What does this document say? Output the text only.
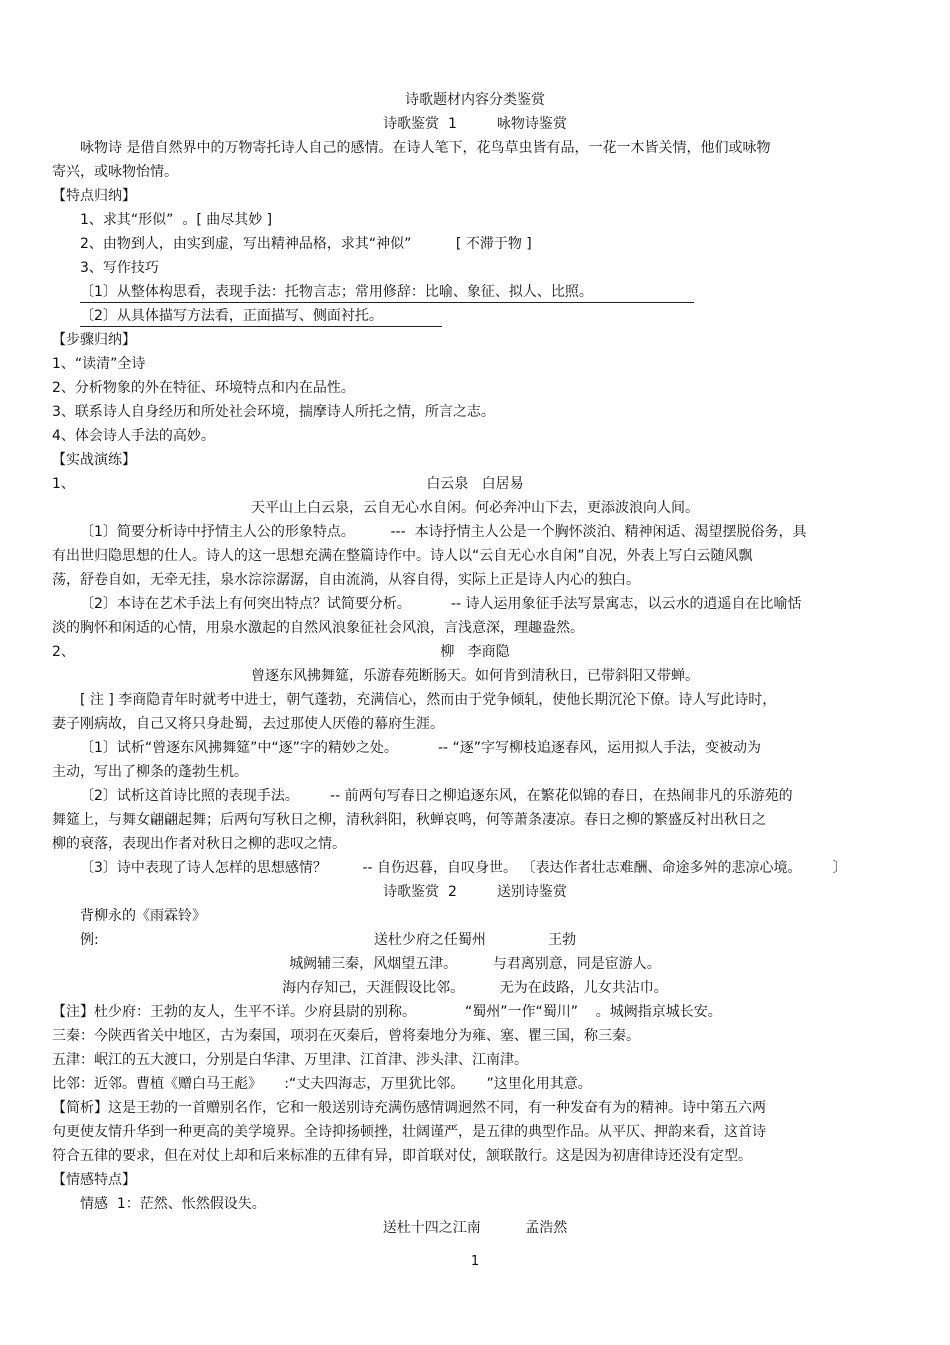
诗歌题材内容分类鉴赏
诗歌鉴赏  1         咏物诗鉴赏
咏物诗 是借自然界中的万物寄托诗人自己的感情。在诗人笔下，花鸟草虫皆有品，一花一木皆关情，他们或咏物
寄兴，或咏物怡情。
【特点归纳】
1、求其“形似”  。[ 曲尽其妙 ]
2、由物到人，由实到虚，写出精神品格，求其“神似”          [ 不滞于物 ]
3、写作技巧
〔1〕从整体构思看，表现手法：托物言志；常用修辞：比喻、象征、拟人、比照。
〔2〕从具体描写方法看，正面描写、侧面衬托。
【步骤归纳】
1、“读清”全诗
2、分析物象的外在特征、环境特点和内在品性。
3、联系诗人自身经历和所处社会环境，揣摩诗人所托之情，所言之志。
4、体会诗人手法的高妙。
【实战演练】
1、	白云泉   白居易
天平山上白云泉，云自无心水自闲。何必奔冲山下去，更添波浪向人间。
〔1〕简要分析诗中抒情主人公的形象特点。        ---  本诗抒情主人公是一个胸怀淡泊、精神闲适、渴望摆脱俗务，具
有出世归隐思想的仕人。诗人的这一思想充满在整篇诗作中。诗人以“云自无心水自闲”自况，外表上写白云随风飘
荡，舒卷自如，无牵无挂，泉水淙淙潺潺，自由流淌，从容自得，实际上正是诗人内心的独白。
〔2〕本诗在艺术手法上有何突出特点？试简要分析。         -- 诗人运用象征手法写景寓志，以云水的逍遥自在比喻恬
淡的胸怀和闲适的心情，用泉水激起的自然风浪象征社会风浪，言浅意深，理趣盎然。
2、	柳   李商隐
曾逐东风拂舞筵，乐游春苑断肠天。如何肯到清秋日，已带斜阳又带蝉。
[ 注 ] 李商隐青年时就考中进士，朝气蓬勃，充满信心，然而由于党争倾轧，使他长期沉沦下僚。诗人写此诗时，
妻子刚病故，自己又将只身赴蜀，去过那使人厌倦的幕府生涯。
〔1〕试析“曾逐东风拂舞筵”中“逐”字的精妙之处。         -- “逐”字写柳枝追逐春风，运用拟人手法，变被动为
主动，写出了柳条的蓬勃生机。
〔2〕试析这首诗比照的表现手法。       -- 前两句写春日之柳追逐东风，在繁花似锦的春日，在热闹非凡的乐游苑的
舞筵上，与舞女翩翩起舞；后两句写秋日之柳，清秋斜阳，秋蝉哀鸣，何等萧条凄凉。春日之柳的繁盛反衬出秋日之
柳的衰落，表现出作者对秋日之柳的悲叹之情。
〔3〕诗中表现了诗人怎样的思想感情？        -- 自伤迟暮，自叹身世。 〔表达作者壮志难酬、命途多舛的悲凉心境。       〕
诗歌鉴赏  2         送别诗鉴赏
背柳永的《雨霖铃》
例:	送杜少府之任蜀州              王勃
城阙辅三秦，风烟望五津。        与君离别意，同是宦游人。
海内存知己，天涯假设比邻。        无为在歧路，儿女共沾巾。
【注】杜少府：王勃的友人，生平不详。少府县尉的别称。           “蜀州”一作“蜀川”    。城阙指京城长安。
三秦：今陕西省关中地区，古为秦国，项羽在灭秦后，曾将秦地分为雍、塞、瞿三国，称三秦。
五津：岷江的五大渡口，分别是白华津、万里津、江首津、涉头津、江南津。
比邻：近邻。曹植《赠白马王彪》     :“丈夫四海志，万里犹比邻。     ”这里化用其意。
【简析】这是王勃的一首赠别名作，它和一般送别诗充满伤感情调迥然不同，有一种发奋有为的精神。诗中第五六两
句更使友情升华到一种更高的美学境界。全诗抑扬顿挫，壮阔谨严，是五律的典型作品。从平仄、押韵来看，这首诗
符合五律的要求，但在对仗上却和后来标准的五律有异，即首联对仗，颔联散行。这是因为初唐律诗还没有定型。
【情感特点】
情感  1：茫然、怅然假设失。
送杜十四之江南          孟浩然
1
